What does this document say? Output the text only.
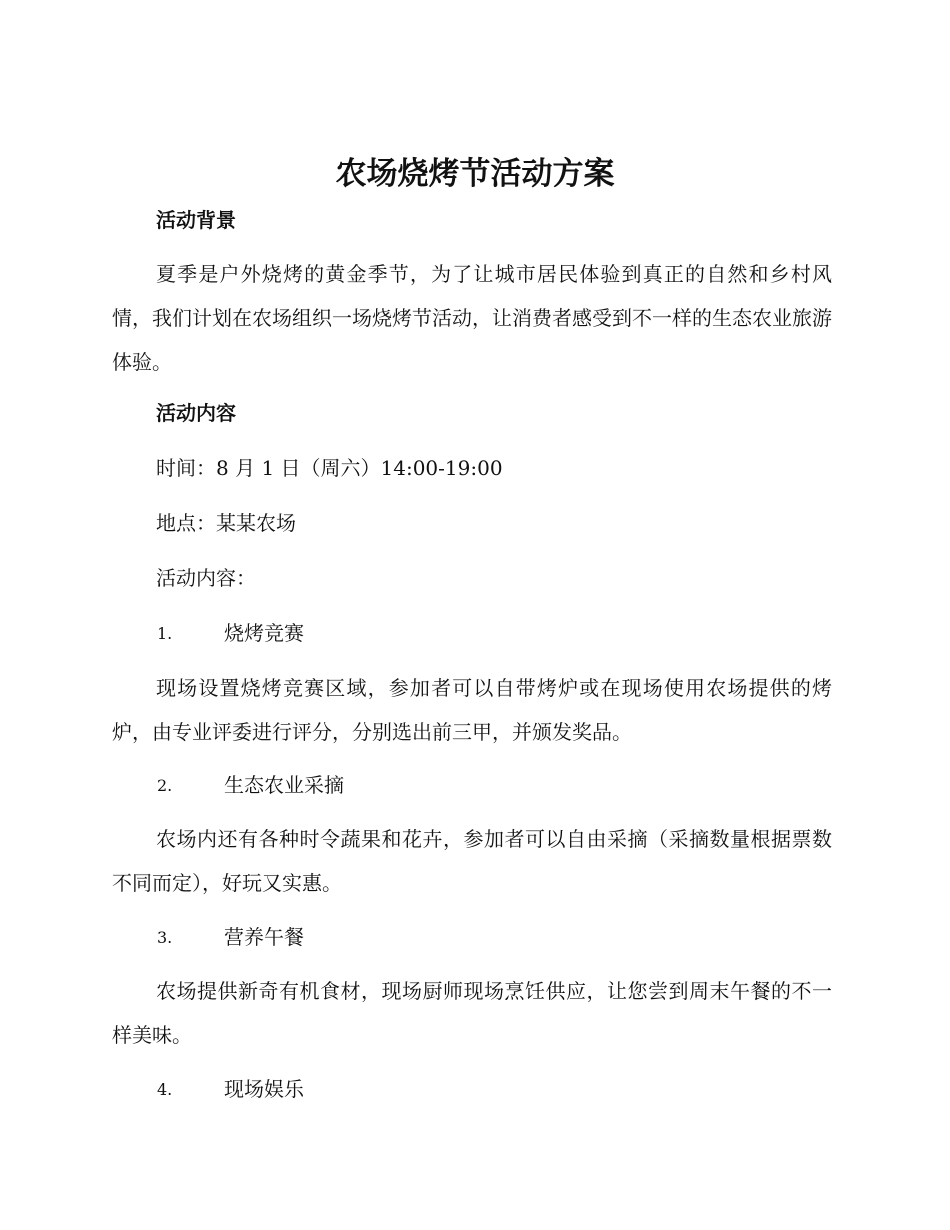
农场烧烤节活动方案
活动背景
夏季是户外烧烤的黄金季节，为了让城市居民体验到真正的自然和乡村风情，我们计划在农场组织一场烧烤节活动，让消费者感受到不一样的生态农业旅游体验。
活动内容
时间：8 月 1 日（周六）14:00-19:00
地点：某某农场
活动内容：
1.	烧烤竞赛
现场设置烧烤竞赛区域，参加者可以自带烤炉或在现场使用农场提供的烤炉，由专业评委进行评分，分别选出前三甲，并颁发奖品。
2.	生态农业采摘
农场内还有各种时令蔬果和花卉，参加者可以自由采摘（采摘数量根据票数不同而定），好玩又实惠。
3.	营养午餐
农场提供新奇有机食材，现场厨师现场烹饪供应，让您尝到周末午餐的不一样美味。
4.	现场娱乐
